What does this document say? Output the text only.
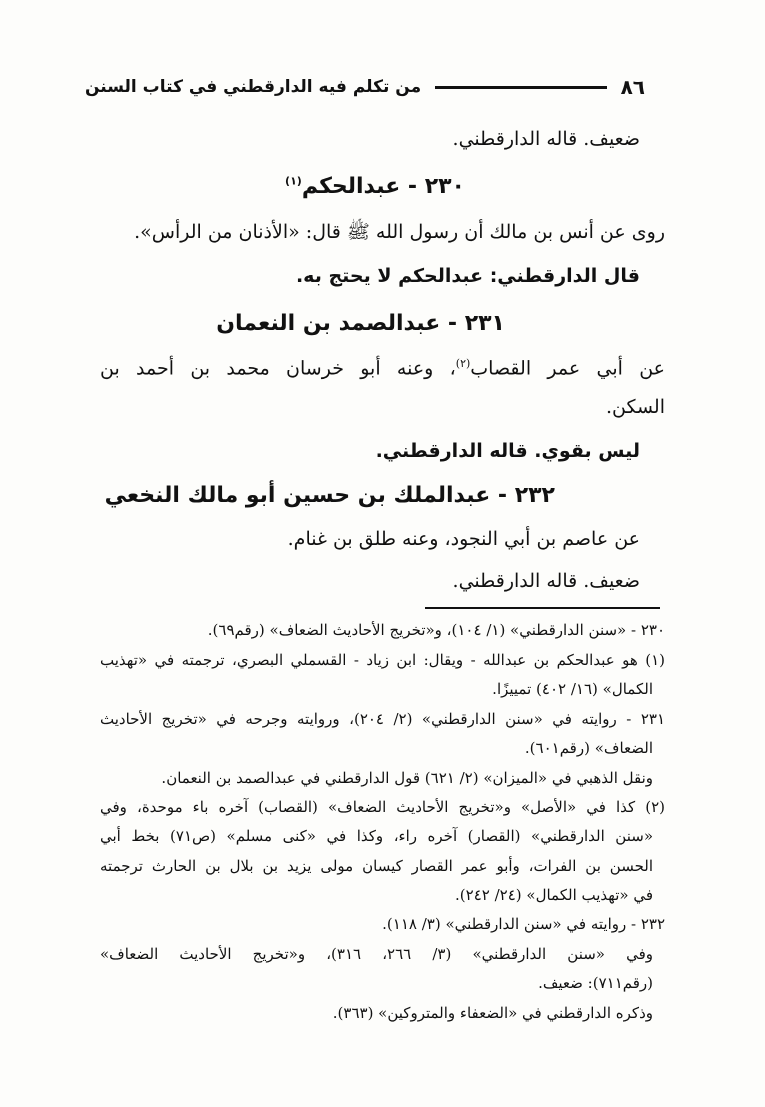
٨٦
من تكلم فيه الدارقطني في كتاب السنن
ضعيف. قاله الدارقطني.
٢٣٠ - عبدالحكم$^{(١)}$
روى عن أنس بن مالك أن رسول الله ﷺ قال: «الأذنان من الرأس».
قال الدارقطني: عبدالحكم لا يحتج به.
٢٣١ - عبدالصمد بن النعمان
عن أبي عمر القصاب$^{(٢)}$، وعنه أبو خرسان محمد بن أحمد بن
السكن.
ليس بقوي. قاله الدارقطني.
٢٣٢ - عبدالملك بن حسين أبو مالك النخعي
عن عاصم بن أبي النجود، وعنه طلق بن غنام.
ضعيف. قاله الدارقطني.
٢٣٠ - «سنن الدارقطني» (١/ ١٠٤)، و«تخريج الأحاديث الضعاف» (رقم٦٩).
(١) هو عبدالحكم بن عبدالله - ويقال: ابن زياد - القسملي البصري، ترجمته في «تهذيب
الكمال» (١٦/ ٤٠٢) تمييزًا.
٢٣١ - روايته في «سنن الدارقطني» (٢/ ٢٠٤)، وروايته وجرحه في «تخريج الأحاديث
الضعاف» (رقم٦٠١).
ونقل الذهبي في «الميزان» (٢/ ٦٢١) قول الدارقطني في عبدالصمد بن النعمان.
(٢) كذا في «الأصل» و«تخريج الأحاديث الضعاف» (القصاب) آخره باء موحدة، وفي
«سنن الدارقطني» (القصار) آخره راء، وكذا في «كنى مسلم» (ص٧١) بخط أبي
الحسن بن الفرات، وأبو عمر القصار كيسان مولى يزيد بن بلال بن الحارث ترجمته
في «تهذيب الكمال» (٢٤/ ٢٤٢).
٢٣٢ - روايته في «سنن الدارقطني» (٣/ ١١٨).
وفي «سنن الدارقطني» (٣/ ٢٦٦، ٣١٦)، و«تخريج الأحاديث الضعاف»
(رقم٧١١): ضعيف.
وذكره الدارقطني في «الضعفاء والمتروكين» (٣٦٣).
